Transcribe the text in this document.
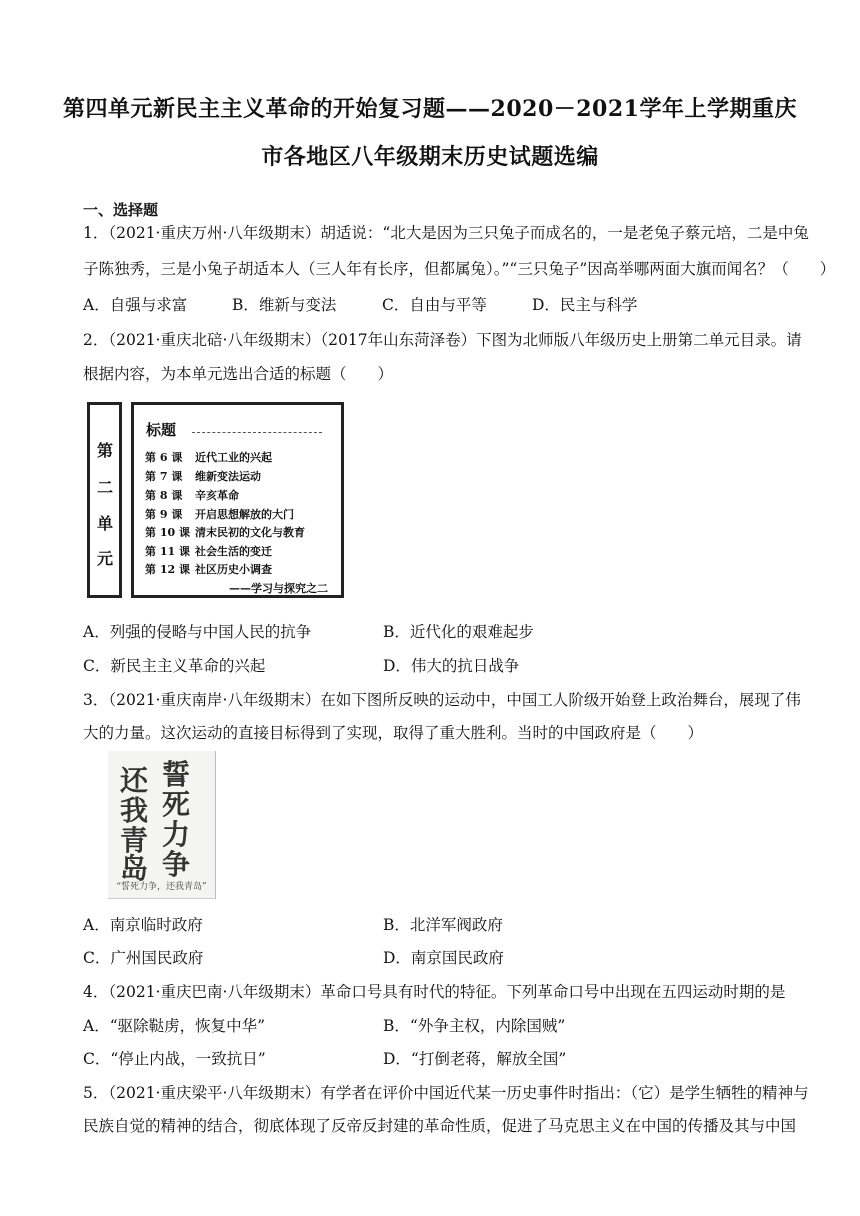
第四单元新民主主义革命的开始复习题——2020－2021学年上学期重庆
市各地区八年级期末历史试题选编
一、选择题
1．（2021·重庆万州·八年级期末）胡适说：“北大是因为三只兔子而成名的，一是老兔子蔡元培，二是中兔
子陈独秀，三是小兔子胡适本人（三人年有长序，但都属兔）。”“三只兔子”因高举哪两面大旗而闻名？（　　）
A．自强与求富	B．维新与变法	C．自由与平等	D．民主与科学
2．（2021·重庆北碚·八年级期末）（2017年山东菏泽卷）下图为北师版八年级历史上册第二单元目录。请
根据内容，为本单元选出合适的标题（　　）
第
二
单
元
标题
第 6 课 近代工业的兴起
第 7 课 维新变法运动
第 8 课 辛亥革命
第 9 课 开启思想解放的大门
第 10 课 清末民初的文化与教育
第 11 课 社会生活的变迁
第 12 课 社区历史小调查
——学习与探究之二
A．列强的侵略与中国人民的抗争	B．近代化的艰难起步
C．新民主主义革命的兴起	D．伟大的抗日战争
3．（2021·重庆南岸·八年级期末）在如下图所反映的运动中，中国工人阶级开始登上政治舞台，展现了伟
大的力量。这次运动的直接目标得到了实现，取得了重大胜利。当时的中国政府是（　　）
誓
死
力
争
还
我
青
岛
“誓死力争，还我青岛”
A．南京临时政府	B．北洋军阀政府
C．广州国民政府	D．南京国民政府
4．（2021·重庆巴南·八年级期末）革命口号具有时代的特征。下列革命口号中出现在五四运动时期的是
A．“驱除鞑虏，恢复中华”	B．“外争主权，内除国贼”
C．“停止内战，一致抗日”	D．“打倒老蒋，解放全国”
5．（2021·重庆梁平·八年级期末）有学者在评价中国近代某一历史事件时指出：（它）是学生牺牲的精神与
民族自觉的精神的结合，彻底体现了反帝反封建的革命性质，促进了马克思主义在中国的传播及其与中国
